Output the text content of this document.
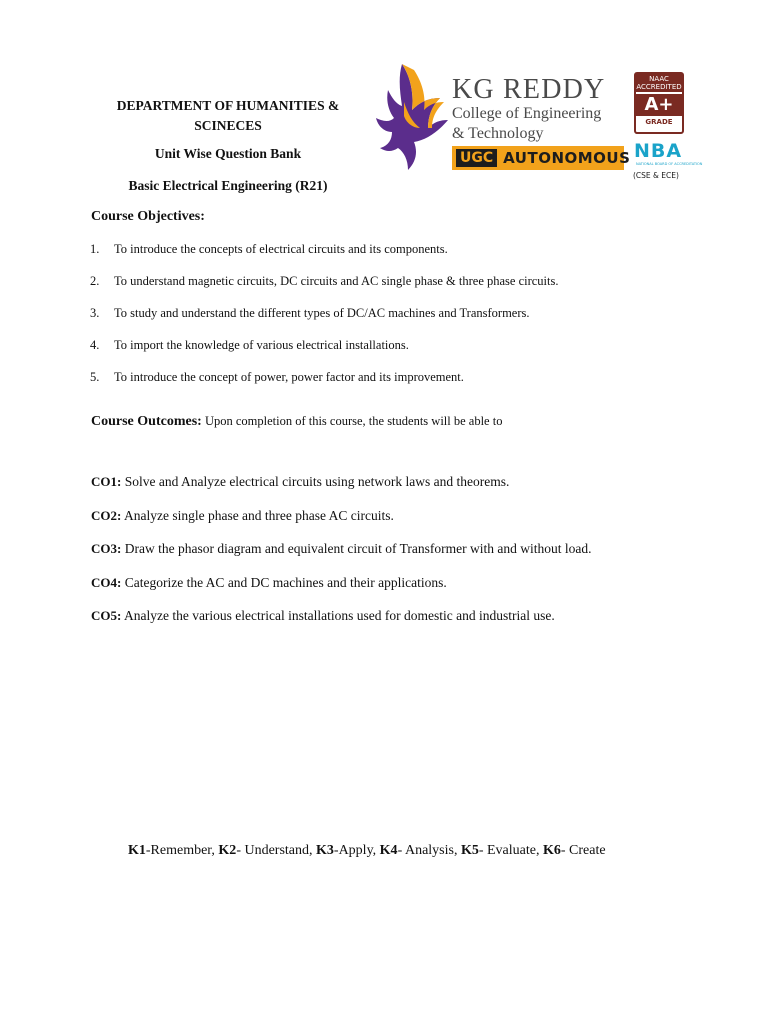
DEPARTMENT OF HUMANITIES &
SCINECES
Unit Wise Question Bank
Basic Electrical Engineering (R21)
KG REDDY
College of Engineering
& Technology
UGC AUTONOMOUS
NAAC ACCREDITED
A+
GRADE
NBA
NATIONAL BOARD OF ACCREDITATION
(CSE & ECE)
Course Objectives:
1. To introduce the concepts of electrical circuits and its components.
2. To understand magnetic circuits, DC circuits and AC single phase & three phase circuits.
3. To study and understand the different types of DC/AC machines and Transformers.
4. To import the knowledge of various electrical installations.
5. To introduce the concept of power, power factor and its improvement.
Course Outcomes: Upon completion of this course, the students will be able to
CO1: Solve and Analyze electrical circuits using network laws and theorems.
CO2: Analyze single phase and three phase AC circuits.
CO3: Draw the phasor diagram and equivalent circuit of Transformer with and without load.
CO4: Categorize the AC and DC machines and their applications.
CO5: Analyze the various electrical installations used for domestic and industrial use.
K1-Remember, K2- Understand, K3-Apply, K4- Analysis, K5- Evaluate, K6- Create
